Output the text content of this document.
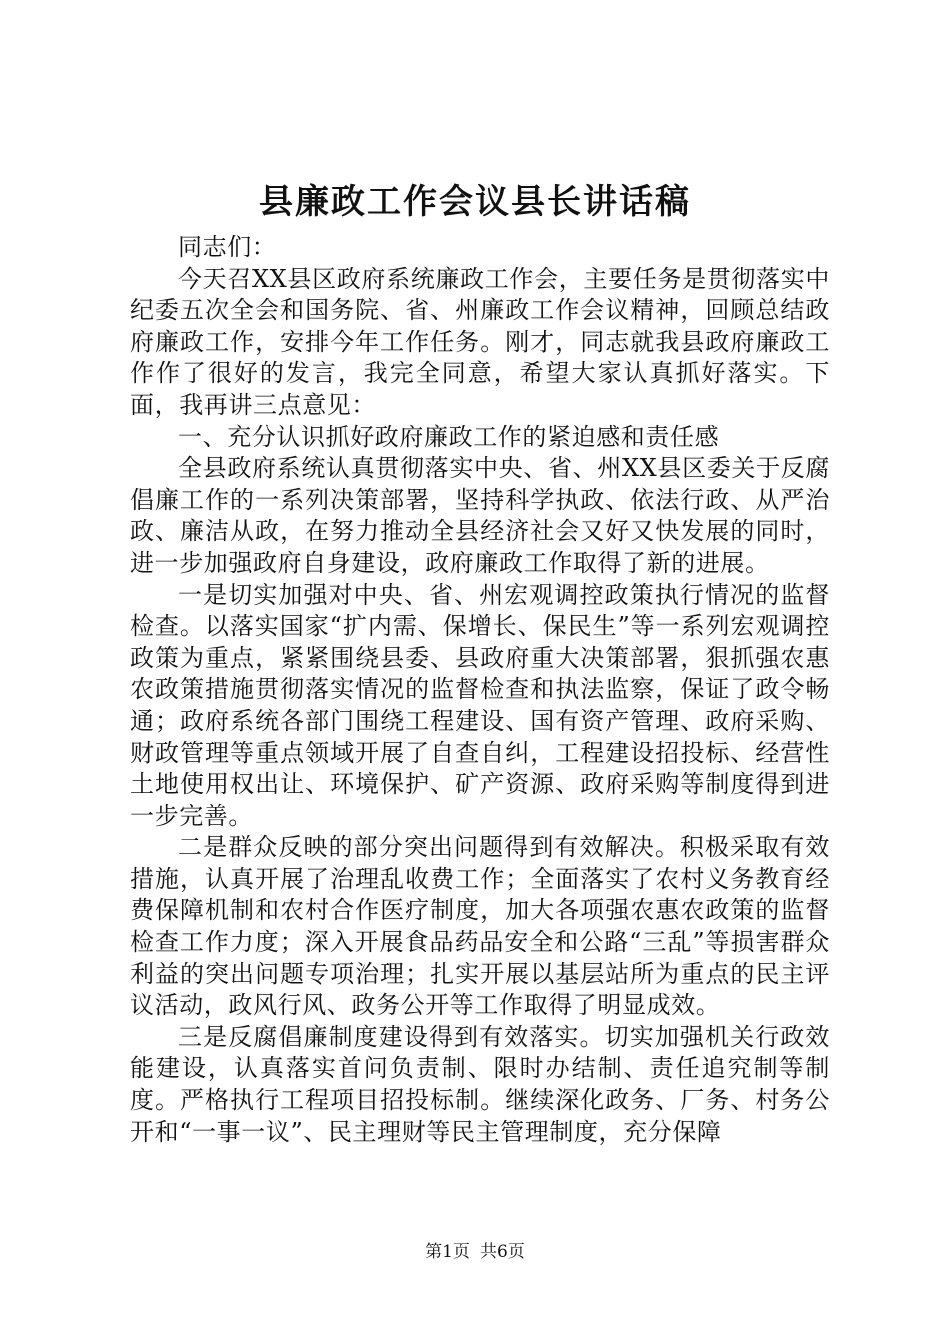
县廉政工作会议县长讲话稿

同志们：

今天召XX县区政府系统廉政工作会，主要任务是贯彻落实中纪委五次全会和国务院、省、州廉政工作会议精神，回顾总结政府廉政工作，安排今年工作任务。刚才，同志就我县政府廉政工作作了很好的发言，我完全同意，希望大家认真抓好落实。下面，我再讲三点意见：

一、充分认识抓好政府廉政工作的紧迫感和责任感

全县政府系统认真贯彻落实中央、省、州XX县区委关于反腐倡廉工作的一系列决策部署，坚持科学执政、依法行政、从严治政、廉洁从政，在努力推动全县经济社会又好又快发展的同时，进一步加强政府自身建设，政府廉政工作取得了新的进展。

一是切实加强对中央、省、州宏观调控政策执行情况的监督检查。以落实国家“扩内需、保增长、保民生”等一系列宏观调控政策为重点，紧紧围绕县委、县政府重大决策部署，狠抓强农惠农政策措施贯彻落实情况的监督检查和执法监察，保证了政令畅通；政府系统各部门围绕工程建设、国有资产管理、政府采购、财政管理等重点领域开展了自查自纠，工程建设招投标、经营性土地使用权出让、环境保护、矿产资源、政府采购等制度得到进一步完善。

二是群众反映的部分突出问题得到有效解决。积极采取有效措施，认真开展了治理乱收费工作；全面落实了农村义务教育经费保障机制和农村合作医疗制度，加大各项强农惠农政策的监督检查工作力度；深入开展食品药品安全和公路“三乱”等损害群众利益的突出问题专项治理；扎实开展以基层站所为重点的民主评议活动，政风行风、政务公开等工作取得了明显成效。

三是反腐倡廉制度建设得到有效落实。切实加强机关行政效能建设，认真落实首问负责制、限时办结制、责任追究制等制度。严格执行工程项目招投标制。继续深化政务、厂务、村务公开和“一事一议”、民主理财等民主管理制度，充分保障

第1页 共6页
